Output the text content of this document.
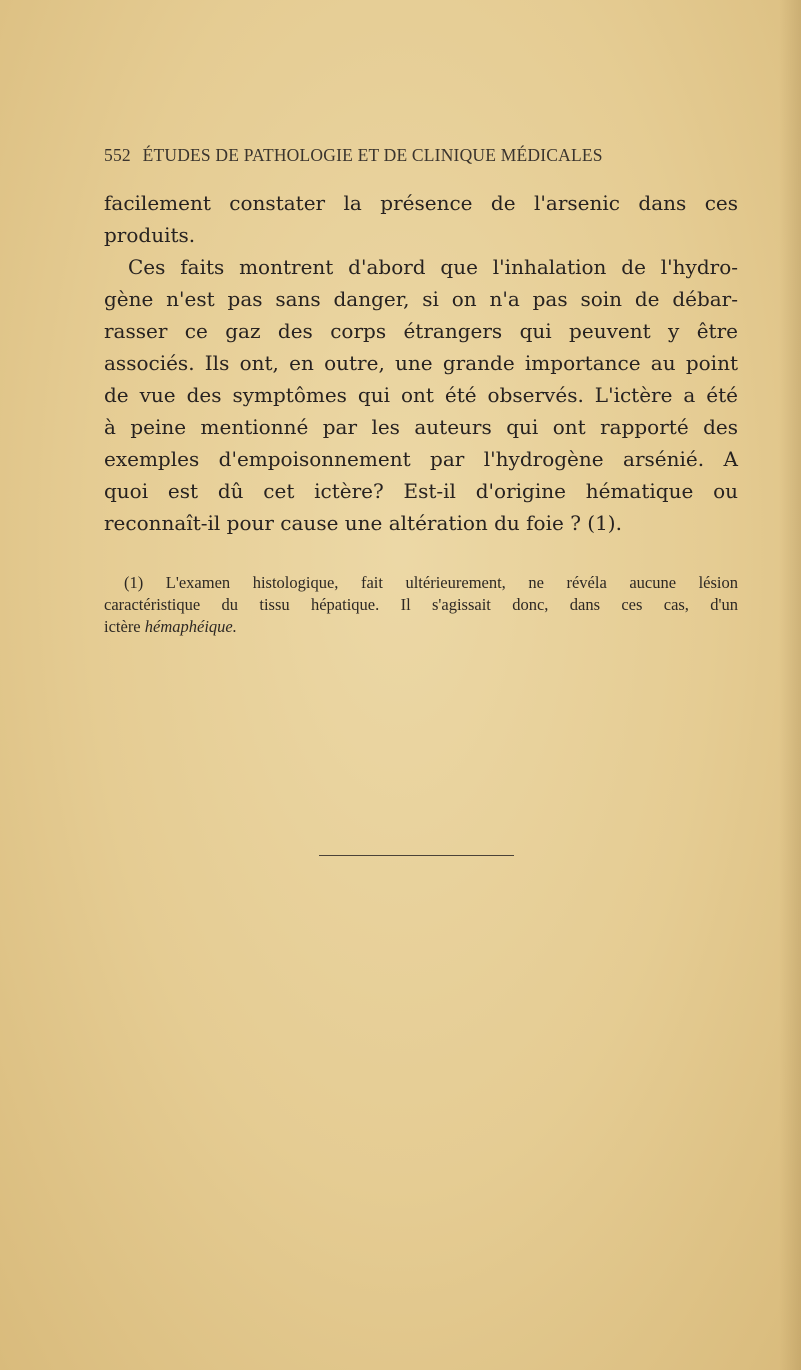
552 ÉTUDES DE PATHOLOGIE ET DE CLINIQUE MÉDICALES
facilement constater la présence de l'arsenic dans ces
produits.
Ces faits montrent d'abord que l'inhalation de l'hydro-
gène n'est pas sans danger, si on n'a pas soin de débar-
rasser ce gaz des corps étrangers qui peuvent y être
associés. Ils ont, en outre, une grande importance au point
de vue des symptômes qui ont été observés. L'ictère a été
à peine mentionné par les auteurs qui ont rapporté des
exemples d'empoisonnement par l'hydrogène arsénié. A
quoi est dû cet ictère? Est-il d'origine hématique ou
reconnaît-il pour cause une altération du foie ? (1).
(1) L'examen histologique, fait ultérieurement, ne révéla aucune lésion
caractéristique du tissu hépatique. Il s'agissait donc, dans ces cas, d'un
ictère hémaphéique.
